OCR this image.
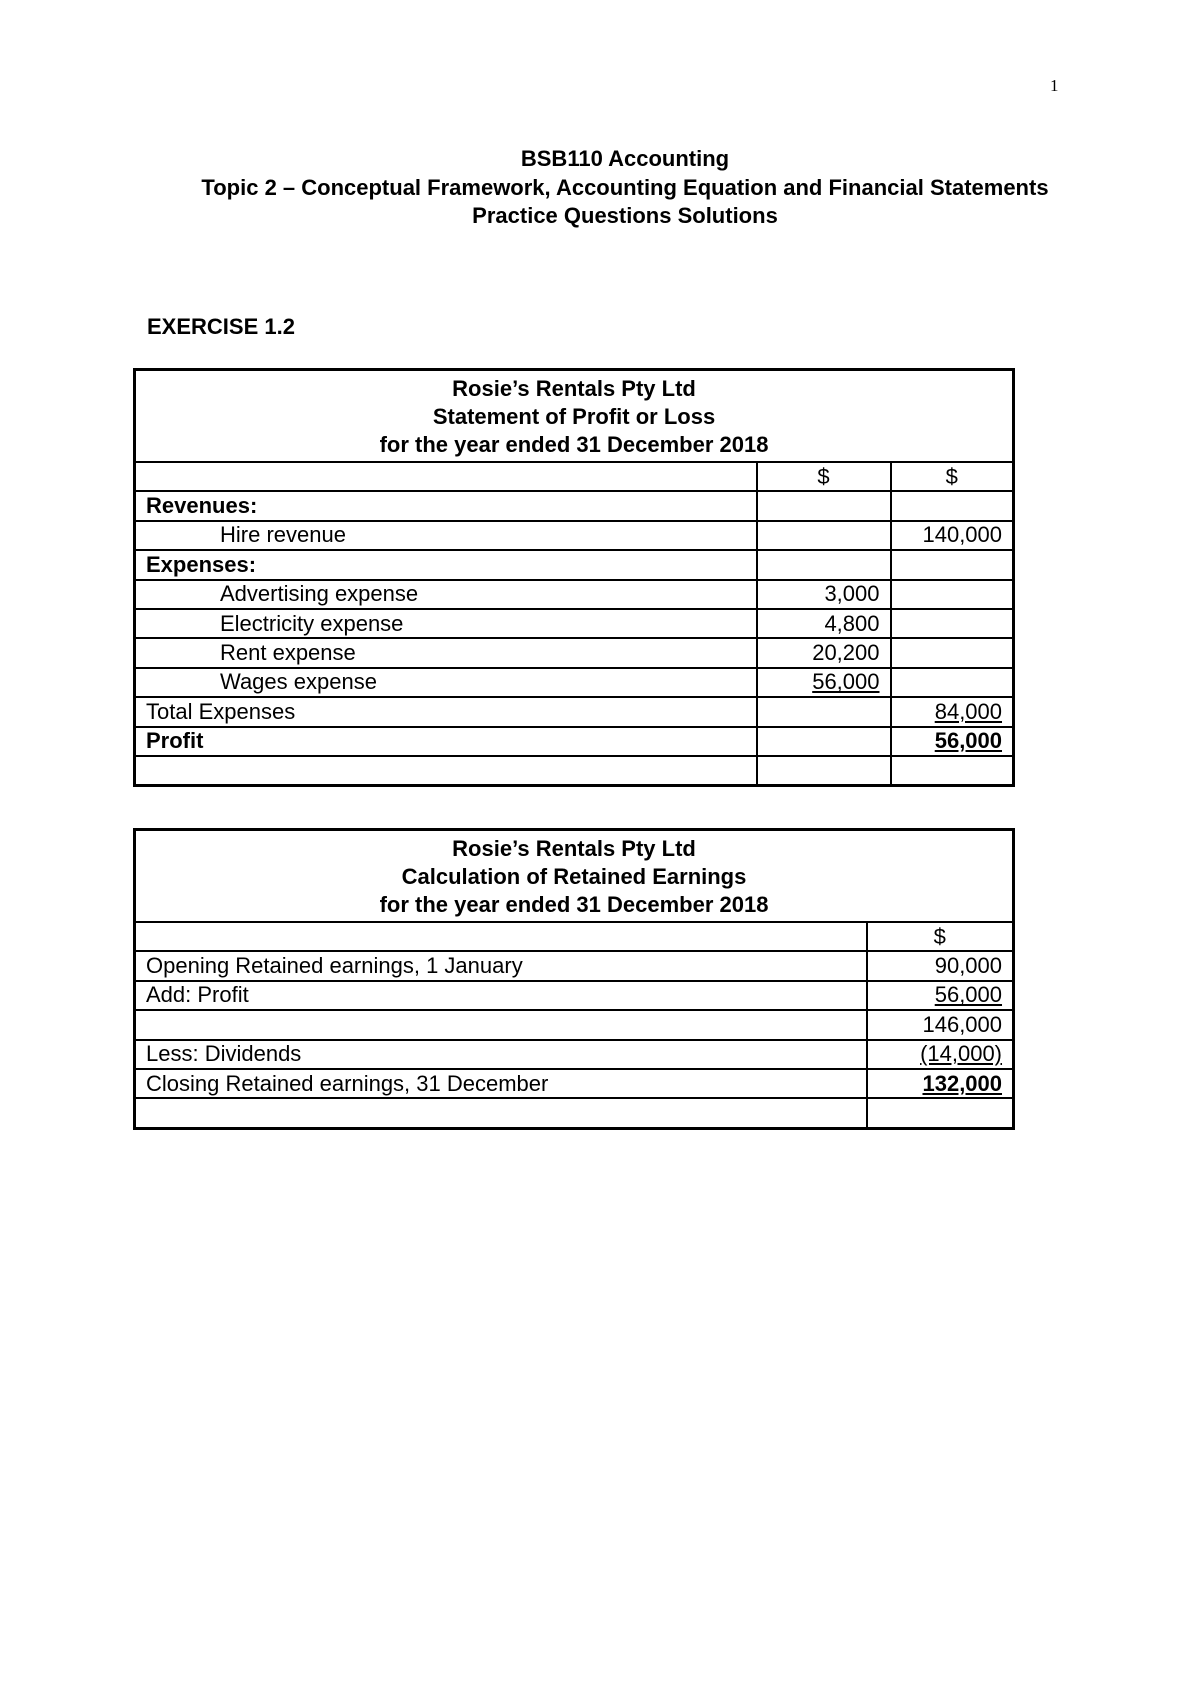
1
BSB110 Accounting
Topic 2 – Conceptual Framework, Accounting Equation and Financial Statements
Practice Questions Solutions
EXERCISE 1.2
Rosie’s Rentals Pty Ltd
Statement of Profit or Loss
for the year ended 31 December 2018		

	$	$
Revenues:		
Hire revenue		140,000
Expenses:		
Advertising expense	3,000	
Electricity expense	4,800	
Rent expense	20,200	
Wages expense	56,000	
Total Expenses		84,000
Profit		56,000

Rosie’s Rentals Pty Ltd
Calculation of Retained Earnings
for the year ended 31 December 2018	

	$
Opening Retained earnings, 1 January	90,000
Add: Profit	56,000
	146,000
Less: Dividends	(14,000)
Closing Retained earnings, 31 December	132,000
